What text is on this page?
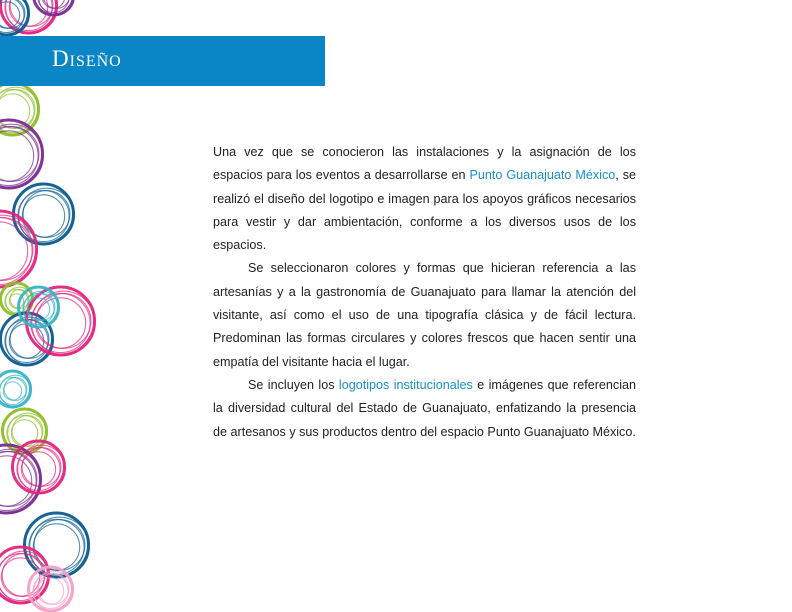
Diseño

Una vez que se conocieron las instalaciones y la asignación de los espacios para los eventos a desarrollarse en Punto Guanajuato México, se realizó el diseño del logotipo e imagen para los apoyos gráficos necesarios para vestir y dar ambientación, conforme a los diversos usos de los espacios.

Se seleccionaron colores y formas que hicieran referencia a las artesanías y a la gastronomía de Guanajuato para llamar la atención del visitante, así como el uso de una tipografía clásica y de fácil lectura. Predominan las formas circulares y colores frescos que hacen sentir una empatía del visitante hacia el lugar.

Se incluyen los logotipos institucionales e imágenes que referencian la diversidad cultural del Estado de Guanajuato, enfatizando la presencia de artesanos y sus productos dentro del espacio Punto Guanajuato México.
